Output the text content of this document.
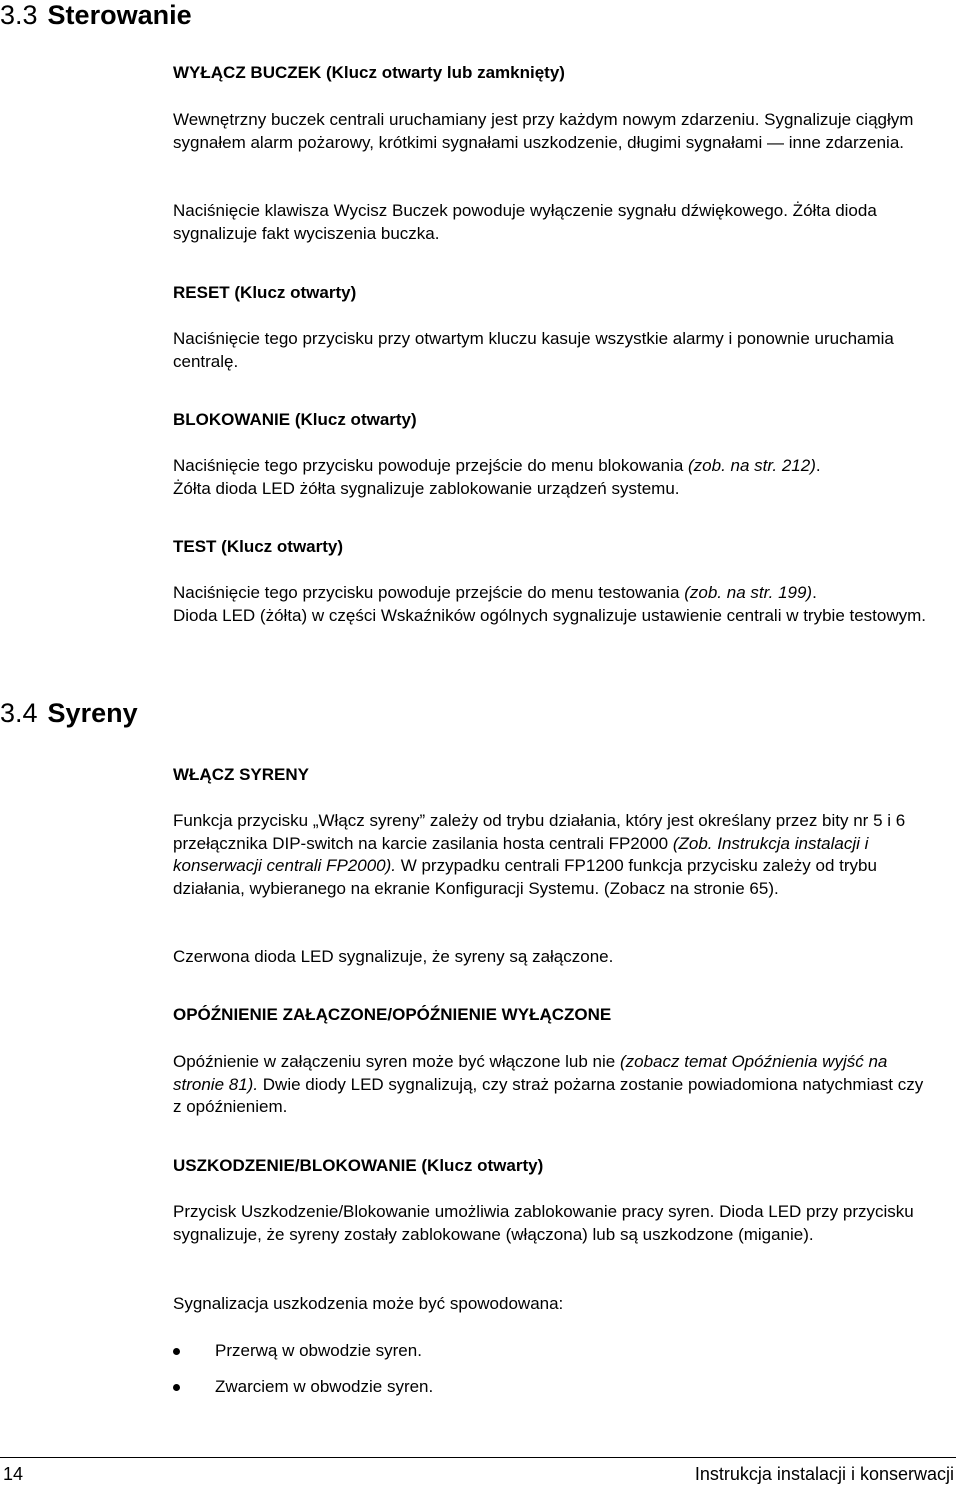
3.3 Sterowanie
WYŁĄCZ BUCZEK (Klucz otwarty lub zamknięty)

Wewnętrzny buczek centrali uruchamiany jest przy każdym nowym zdarzeniu. Sygnalizuje ciągłym sygnałem alarm pożarowy, krótkimi sygnałami uszkodzenie, długimi sygnałami — inne zdarzenia.

Naciśnięcie klawisza Wycisz Buczek powoduje wyłączenie sygnału dźwiękowego. Żółta dioda sygnalizuje fakt wyciszenia buczka.

RESET (Klucz otwarty)

Naciśnięcie tego przycisku przy otwartym kluczu kasuje wszystkie alarmy i ponownie uruchamia centralę.

BLOKOWANIE (Klucz otwarty)

Naciśnięcie tego przycisku powoduje przejście do menu blokowania (zob. na str. 212).

Żółta dioda LED żółta sygnalizuje zablokowanie urządzeń systemu.

TEST (Klucz otwarty)

Naciśnięcie tego przycisku powoduje przejście do menu testowania (zob. na str. 199).

Dioda LED (żółta) w części Wskaźników ogólnych sygnalizuje ustawienie centrali w trybie testowym.

3.4 Syreny
WŁĄCZ SYRENY

Funkcja przycisku „Włącz syreny” zależy od trybu działania, który jest określany przez bity nr 5 i 6 przełącznika DIP-switch na karcie zasilania hosta centrali FP2000 (Zob. Instrukcja instalacji i konserwacji centrali FP2000). W przypadku centrali FP1200 funkcja przycisku zależy od trybu działania, wybieranego na ekranie Konfiguracji Systemu. (Zobacz na stronie 65).

Czerwona dioda LED sygnalizuje, że syreny są załączone.

OPÓŹNIENIE ZAŁĄCZONE/OPÓŹNIENIE WYŁĄCZONE

Opóźnienie w załączeniu syren może być włączone lub nie (zobacz temat Opóźnienia wyjść na stronie 81). Dwie diody LED sygnalizują, czy straż pożarna zostanie powiadomiona natychmiast czy z opóźnieniem.

USZKODZENIE/BLOKOWANIE (Klucz otwarty)

Przycisk Uszkodzenie/Blokowanie umożliwia zablokowanie pracy syren. Dioda LED przy przycisku sygnalizuje, że syreny zostały zablokowane (włączona) lub są uszkodzone (miganie).

Sygnalizacja uszkodzenia może być spowodowana:

Przerwą w obwodzie syren.
Zwarciem w obwodzie syren.
14	Instrukcja instalacji i konserwacji
